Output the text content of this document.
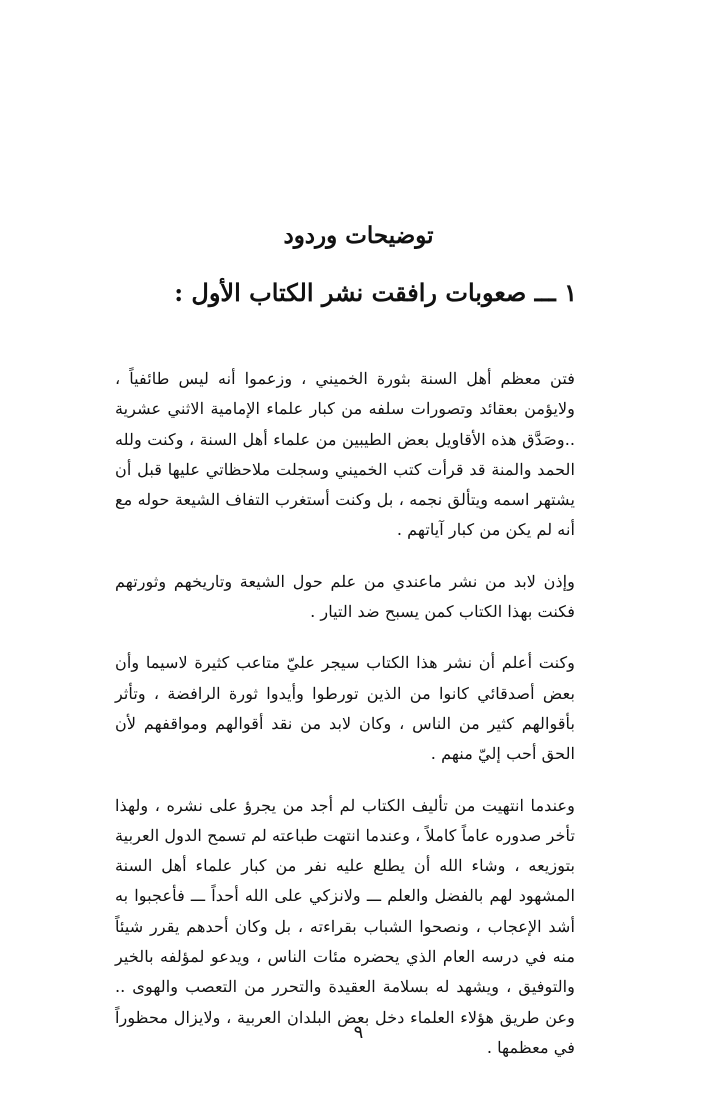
توضيحات وردود
١ ـــ صعوبات رافقت نشر الكتاب الأول :

فتن معظم أهل السنة بثورة الخميني ، وزعموا أنه ليس طائفياً ، ولايؤمن بعقائد وتصورات سلفه من كبار علماء الإمامية الاثني عشرية ..وصَدَّق هذه الأقاويل بعض الطيبين من علماء أهل السنة ، وكنت ولله الحمد والمنة قد قرأت كتب الخميني وسجلت ملاحظاتي عليها قبل أن يشتهر اسمه ويتألق نجمه ، بل وكنت أستغرب التفاف الشيعة حوله مع أنه لم يكن من كبار آياتهم .

وإذن لابد من نشر ماعندي من علم حول الشيعة وتاريخهم وثورتهم فكنت بهذا الكتاب كمن يسبح ضد التيار .

وكنت أعلم أن نشر هذا الكتاب سيجر عليّ متاعب كثيرة لاسيما وأن بعض أصدقائي كانوا من الذين تورطوا وأيدوا ثورة الرافضة ، وتأثر بأقوالهم كثير من الناس ، وكان لابد من نقد أقوالهم ومواقفهم لأن الحق أحب إليّ منهم .

وعندما انتهيت من تأليف الكتاب لم أجد من يجرؤ على نشره ، ولهذا تأخر صدوره عاماً كاملاً ، وعندما انتهت طباعته لم تسمح الدول العربية بتوزيعه ، وشاء الله أن يطلع عليه نفر من كبار علماء أهل السنة المشهود لهم بالفضل والعلم ـــ ولانزكي على الله أحداً ـــ فأعجبوا به أشد الإعجاب ، ونصحوا الشباب بقراءته ، بل وكان أحدهم يقرر شيئاً منه في درسه العام الذي يحضره مئات الناس ، ويدعو لمؤلفه بالخير والتوفيق ، ويشهد له بسلامة العقيدة والتحرر من التعصب والهوى .. وعن طريق هؤلاء العلماء دخل بعض البلدان العربية ، ولايزال محظوراً في معظمها .

٩
